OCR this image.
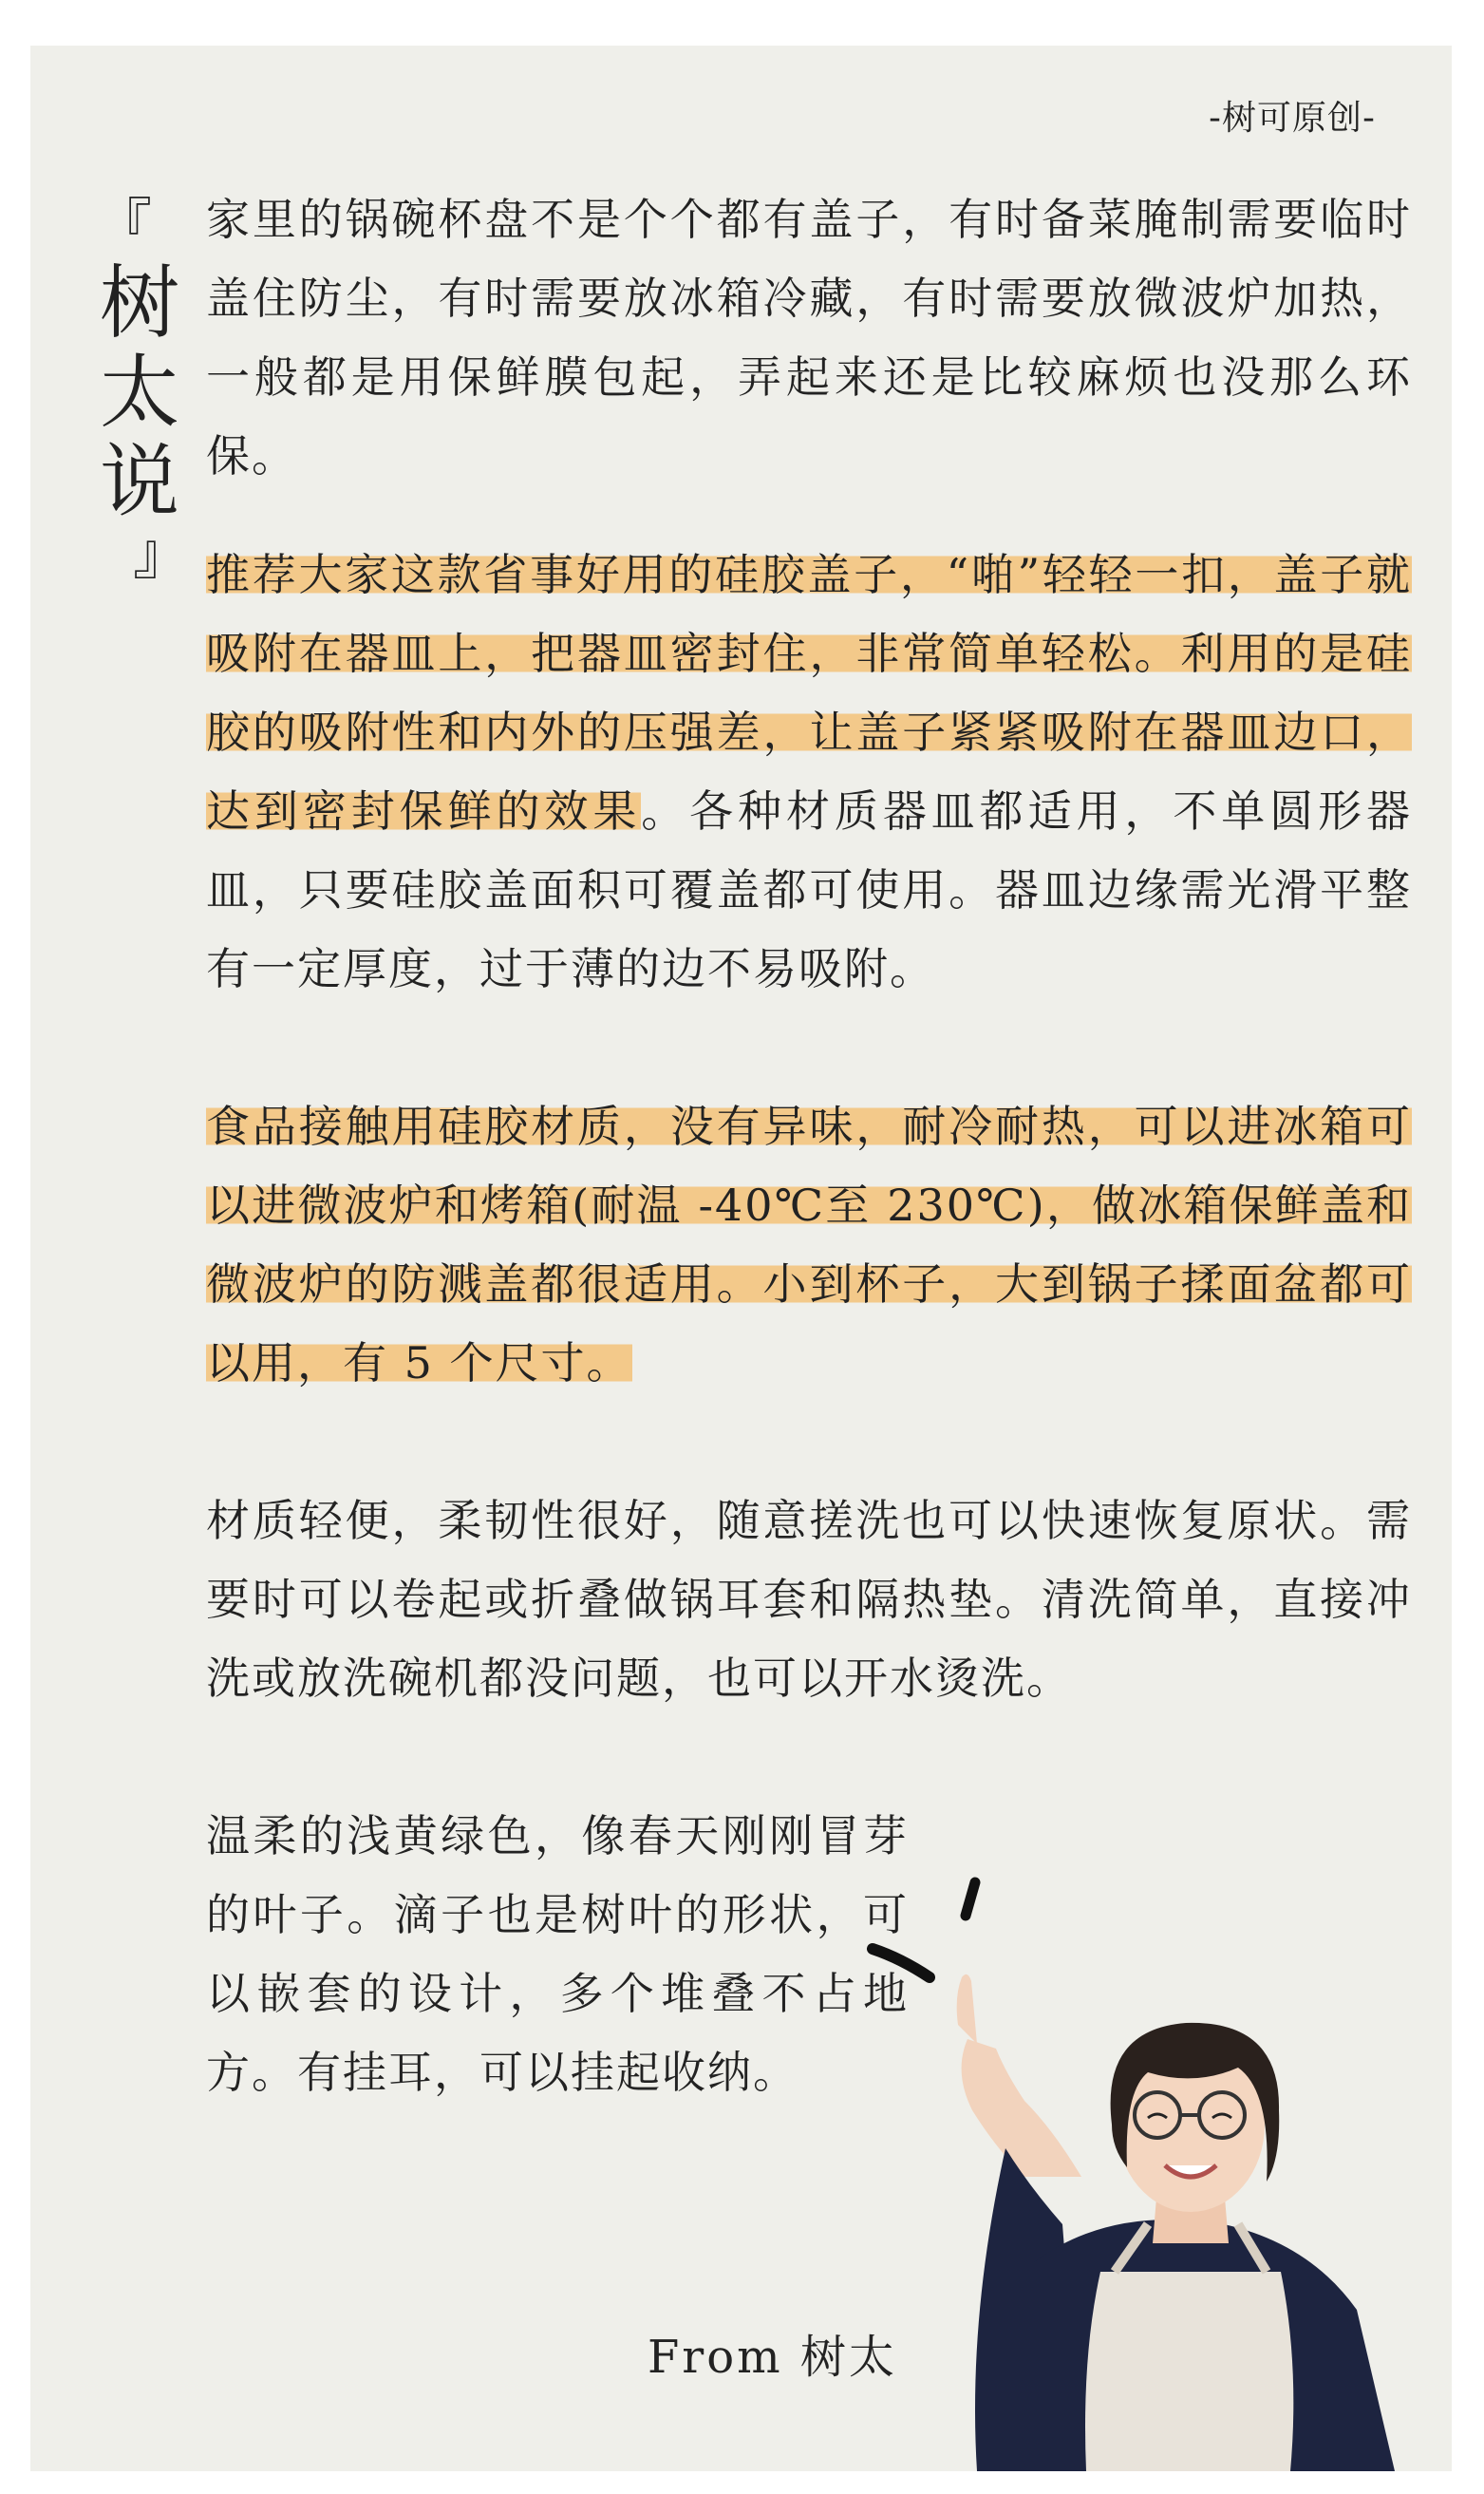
-树可原创-
『
树
太
说
』

家里的锅碗杯盘不是个个都有盖子，有时备菜腌制需要临时盖住防尘，有时需要放冰箱冷藏，有时需要放微波炉加热，一般都是用保鲜膜包起，弄起来还是比较麻烦也没那么环保。

推荐大家这款省事好用的硅胶盖子，“啪”轻轻一扣，盖子就吸附在器皿上，把器皿密封住，非常简单轻松。利用的是硅胶的吸附性和内外的压强差，让盖子紧紧吸附在器皿边口，达到密封保鲜的效果。各种材质器皿都适用，不单圆形器皿，只要硅胶盖面积可覆盖都可使用。器皿边缘需光滑平整有一定厚度，过于薄的边不易吸附。

食品接触用硅胶材质，没有异味，耐冷耐热，可以进冰箱可以进微波炉和烤箱(耐温 -40℃至 230℃)，做冰箱保鲜盖和微波炉的防溅盖都很适用。小到杯子，大到锅子揉面盆都可以用，有 5 个尺寸。

材质轻便，柔韧性很好，随意搓洗也可以快速恢复原状。需要时可以卷起或折叠做锅耳套和隔热垫。清洗简单，直接冲洗或放洗碗机都没问题，也可以开水烫洗。

温柔的浅黄绿色，像春天刚刚冒芽的叶子。滴子也是树叶的形状，可以嵌套的设计，多个堆叠不占地方。有挂耳，可以挂起收纳。

From 树太
